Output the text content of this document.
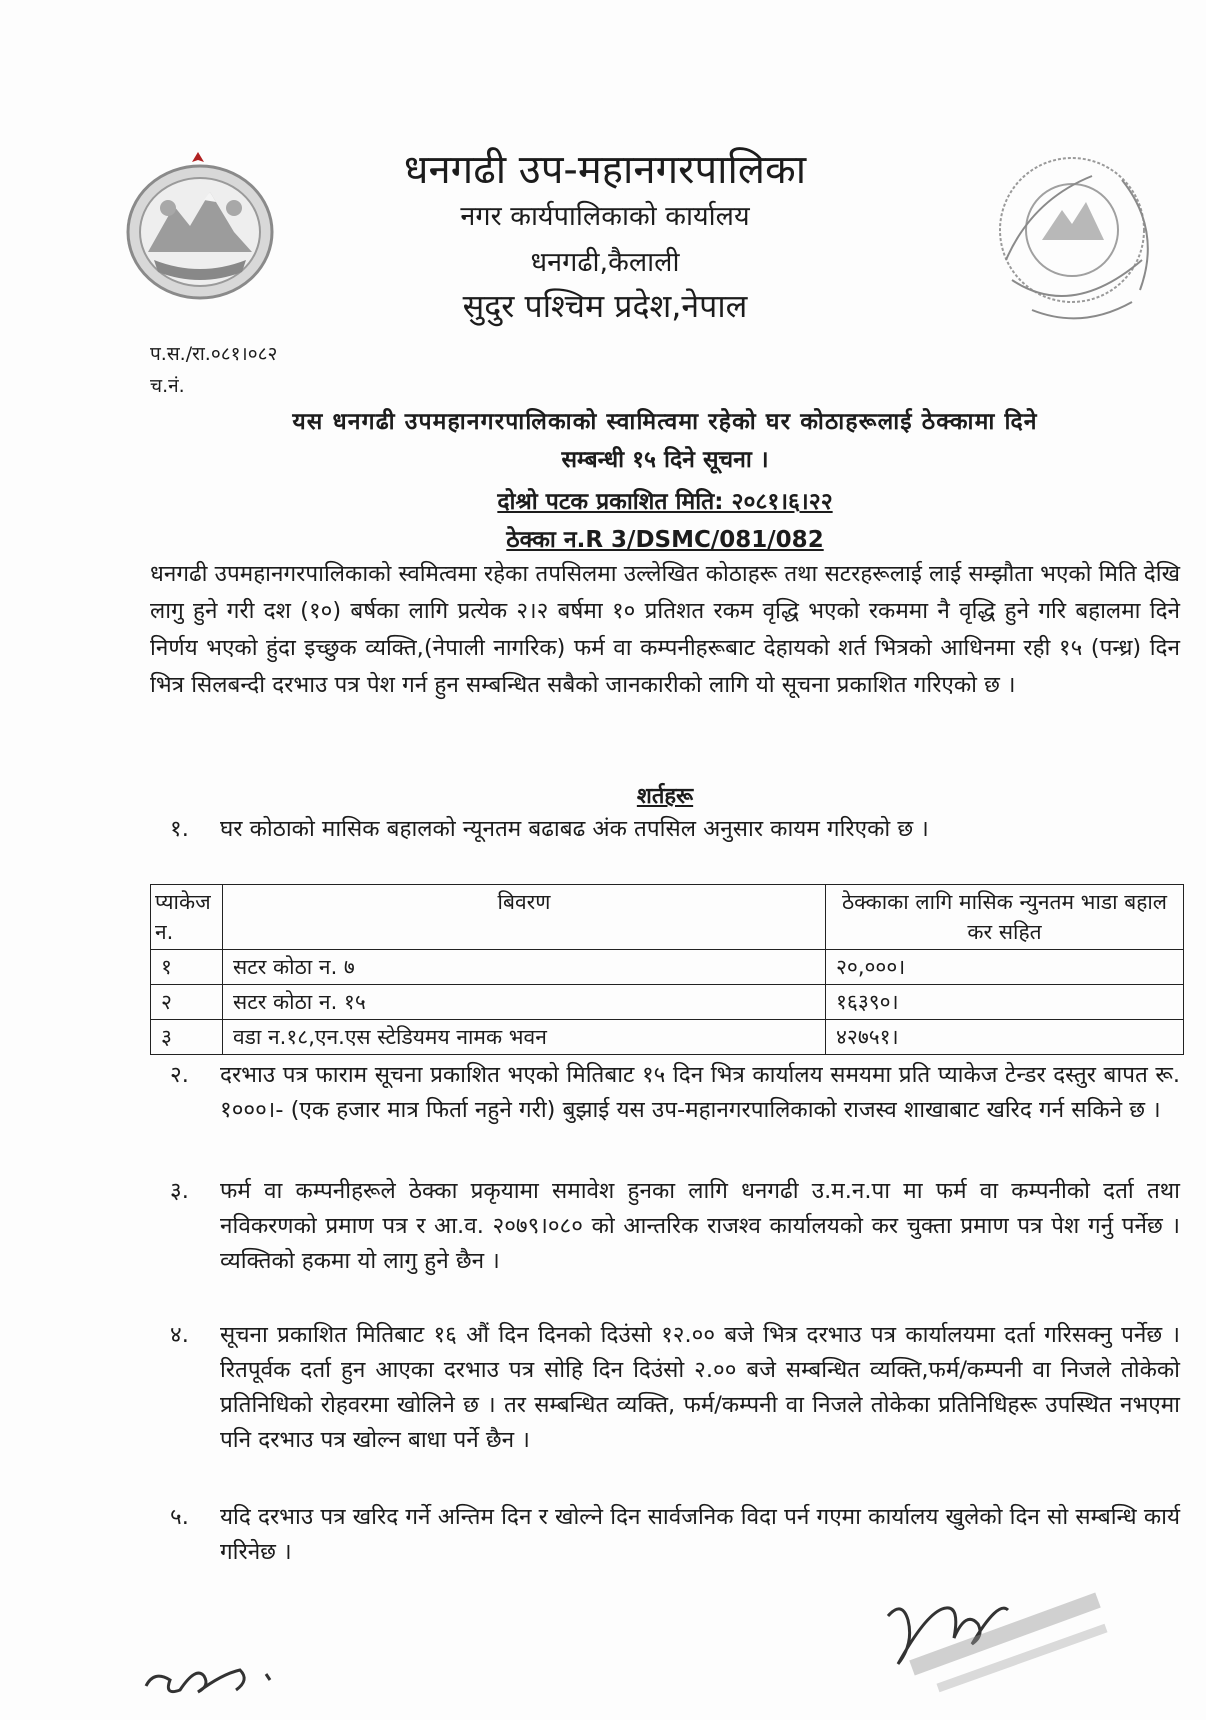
धनगढी उप-महानगरपालिका
नगर कार्यपालिकाको कार्यालय
धनगढी,कैलाली
सुदुर पश्चिम प्रदेश,नेपाल
प.स./रा.०८१।०८२
च.नं.
यस धनगढी उपमहानगरपालिकाको स्वामित्वमा रहेको घर कोठाहरूलाई ठेक्कामा दिने
सम्बन्धी १५ दिने सूचना ।
दोश्रो पटक प्रकाशित मिति: २०८१।६।२२
ठेक्का न.R 3/DSMC/081/082

धनगढी उपमहानगरपालिकाको स्वमित्वमा रहेका तपसिलमा उल्लेखित कोठाहरू तथा सटरहरूलाई लाई सम्झौता भएको मिति देखि लागु हुने गरी दश (१०) बर्षका लागि प्रत्येक २।२ बर्षमा १० प्रतिशत रकम वृद्धि भएको रकममा नै वृद्धि हुने गरि बहालमा दिने निर्णय भएको हुंदा इच्छुक व्यक्ति,(नेपाली नागरिक) फर्म वा कम्पनीहरूबाट देहायको शर्त भित्रको आधिनमा रही १५ (पन्ध्र) दिन भित्र सिलबन्दी दरभाउ पत्र पेश गर्न हुन सम्बन्धित सबैको जानकारीको लागि यो सूचना प्रकाशित गरिएको छ ।

शर्तहरू
१.	घर कोठाको मासिक बहालको न्यूनतम बढाबढ अंक तपसिल अनुसार कायम गरिएको छ ।
प्याकेज न.	बिवरण	ठेक्काका लागि मासिक न्युनतम भाडा बहाल कर सहित
१	सटर कोठा न. ७	२०,०००।
२	सटर कोठा न. १५	१६३९०।
३	वडा न.१८,एन.एस स्टेडियमय नामक भवन	४२७५१।
२.	दरभाउ पत्र फाराम सूचना प्रकाशित भएको मितिबाट १५ दिन भित्र कार्यालय समयमा प्रति प्याकेज टेन्डर दस्तुर बापत रू. १०००।- (एक हजार मात्र फिर्ता नहुने गरी) बुझाई यस उप-महानगरपालिकाको राजस्व शाखाबाट खरिद गर्न सकिने छ ।
३.	फर्म वा कम्पनीहरूले ठेक्का प्रकृयामा समावेश हुनका लागि धनगढी उ.म.न.पा मा फर्म वा कम्पनीको दर्ता तथा नविकरणको प्रमाण पत्र र आ.व. २०७९।०८० को आन्तरिक राजश्व कार्यालयको कर चुक्ता प्रमाण पत्र पेश गर्नु पर्नेछ । व्यक्तिको हकमा यो लागु हुने छैन ।
४.	सूचना प्रकाशित मितिबाट १६ औं दिन दिनको दिउंसो १२.०० बजे भित्र दरभाउ पत्र कार्यालयमा दर्ता गरिसक्नु पर्नेछ । रितपूर्वक दर्ता हुन आएका दरभाउ पत्र सोहि दिन दिउंसो २.०० बजे सम्बन्धित व्यक्ति,फर्म/कम्पनी वा निजले तोकेको प्रतिनिधिको रोहवरमा खोलिने छ । तर सम्बन्धित व्यक्ति, फर्म/कम्पनी वा निजले तोकेका प्रतिनिधिहरू उपस्थित नभएमा पनि दरभाउ पत्र खोल्न बाधा पर्ने छैन ।
५.	यदि दरभाउ पत्र खरिद गर्ने अन्तिम दिन र खोल्ने दिन सार्वजनिक विदा पर्न गएमा कार्यालय खुलेको दिन सो सम्बन्धि कार्य गरिनेछ ।
